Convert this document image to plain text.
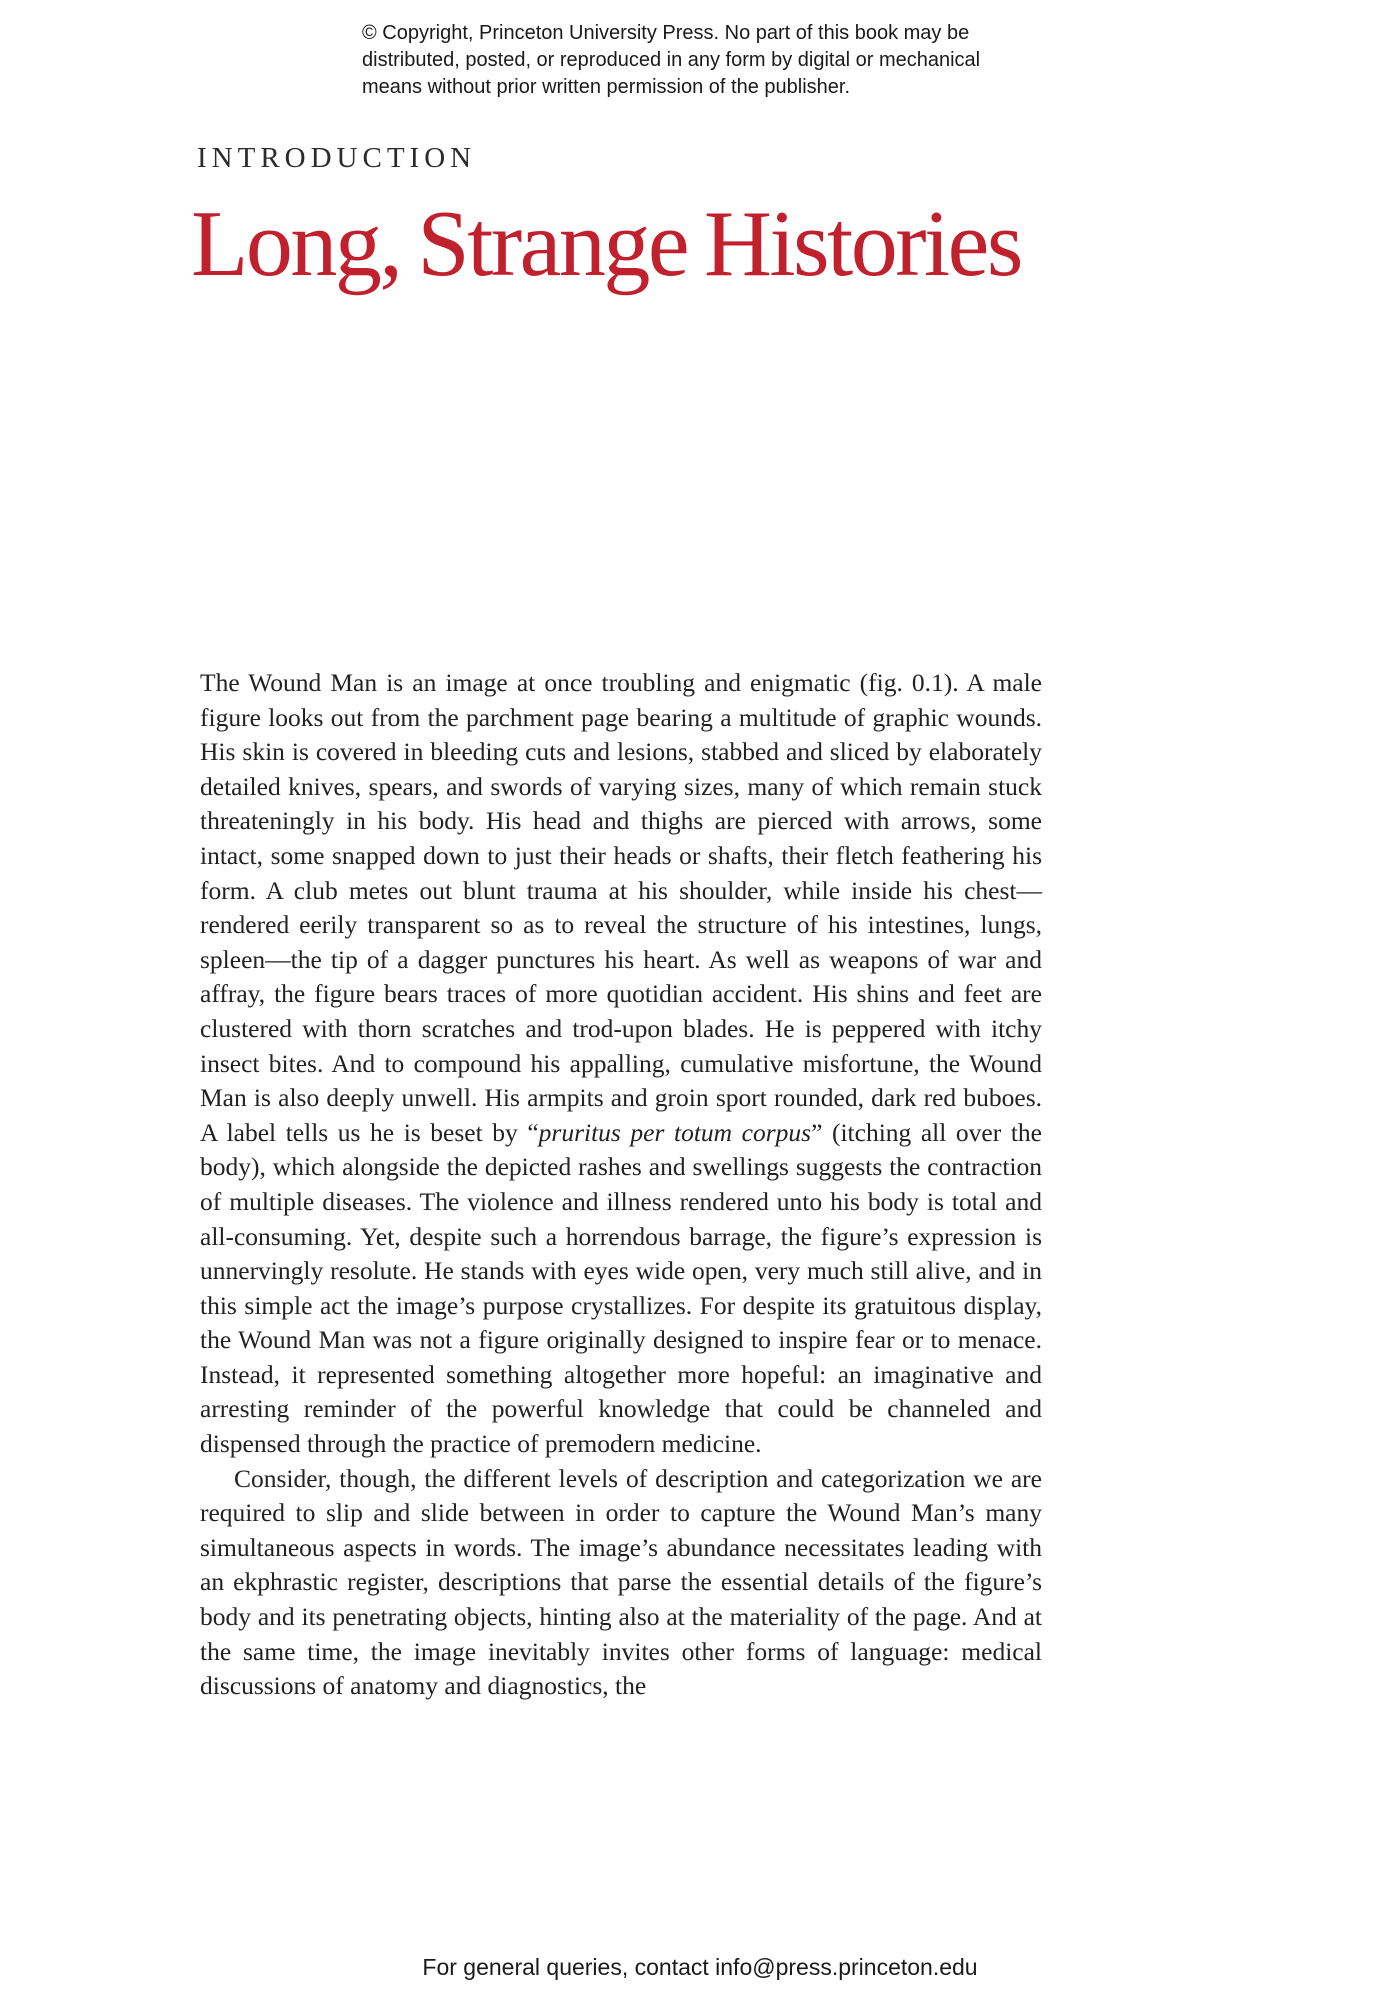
© Copyright, Princeton University Press. No part of this book may be
distributed, posted, or reproduced in any form by digital or mechanical
means without prior written permission of the publisher.
INTRODUCTION
Long, Strange Histories

The Wound Man is an image at once troubling and enigmatic (fig. 0.1). A male figure looks out from the parchment page bearing a multitude of graphic wounds. His skin is covered in bleeding cuts and lesions, stabbed and sliced by elaborately detailed knives, spears, and swords of varying sizes, many of which remain stuck threateningly in his body. His head and thighs are pierced with arrows, some intact, some snapped down to just their heads or shafts, their fletch feathering his form. A club metes out blunt trauma at his shoulder, while inside his chest—rendered eerily transparent so as to reveal the structure of his intestines, lungs, spleen—the tip of a dagger punctures his heart. As well as weapons of war and affray, the figure bears traces of more quotidian accident. His shins and feet are clustered with thorn scratches and trod-upon blades. He is peppered with itchy insect bites. And to compound his appalling, cumulative misfortune, the Wound Man is also deeply unwell. His armpits and groin sport rounded, dark red buboes. A label tells us he is beset by “pruritus per totum corpus” (itching all over the body), which alongside the depicted rashes and swellings suggests the contraction of multiple diseases. The violence and illness rendered unto his body is total and all-consuming. Yet, despite such a horrendous barrage, the figure’s expression is unnervingly resolute. He stands with eyes wide open, very much still alive, and in this simple act the image’s purpose crystallizes. For despite its gratuitous display, the Wound Man was not a figure originally designed to inspire fear or to menace. Instead, it represented something altogether more hopeful: an imaginative and arresting reminder of the powerful knowledge that could be channeled and dispensed through the practice of premodern medicine.

Consider, though, the different levels of description and categorization we are required to slip and slide between in order to capture the Wound Man’s many simultaneous aspects in words. The image’s abundance necessitates leading with an ekphrastic register, descriptions that parse the essential details of the figure’s body and its penetrating objects, hinting also at the materiality of the page. And at the same time, the image inevitably invites other forms of language: medical discussions of anatomy and diagnostics, the

For general queries, contact info@press.princeton.edu
